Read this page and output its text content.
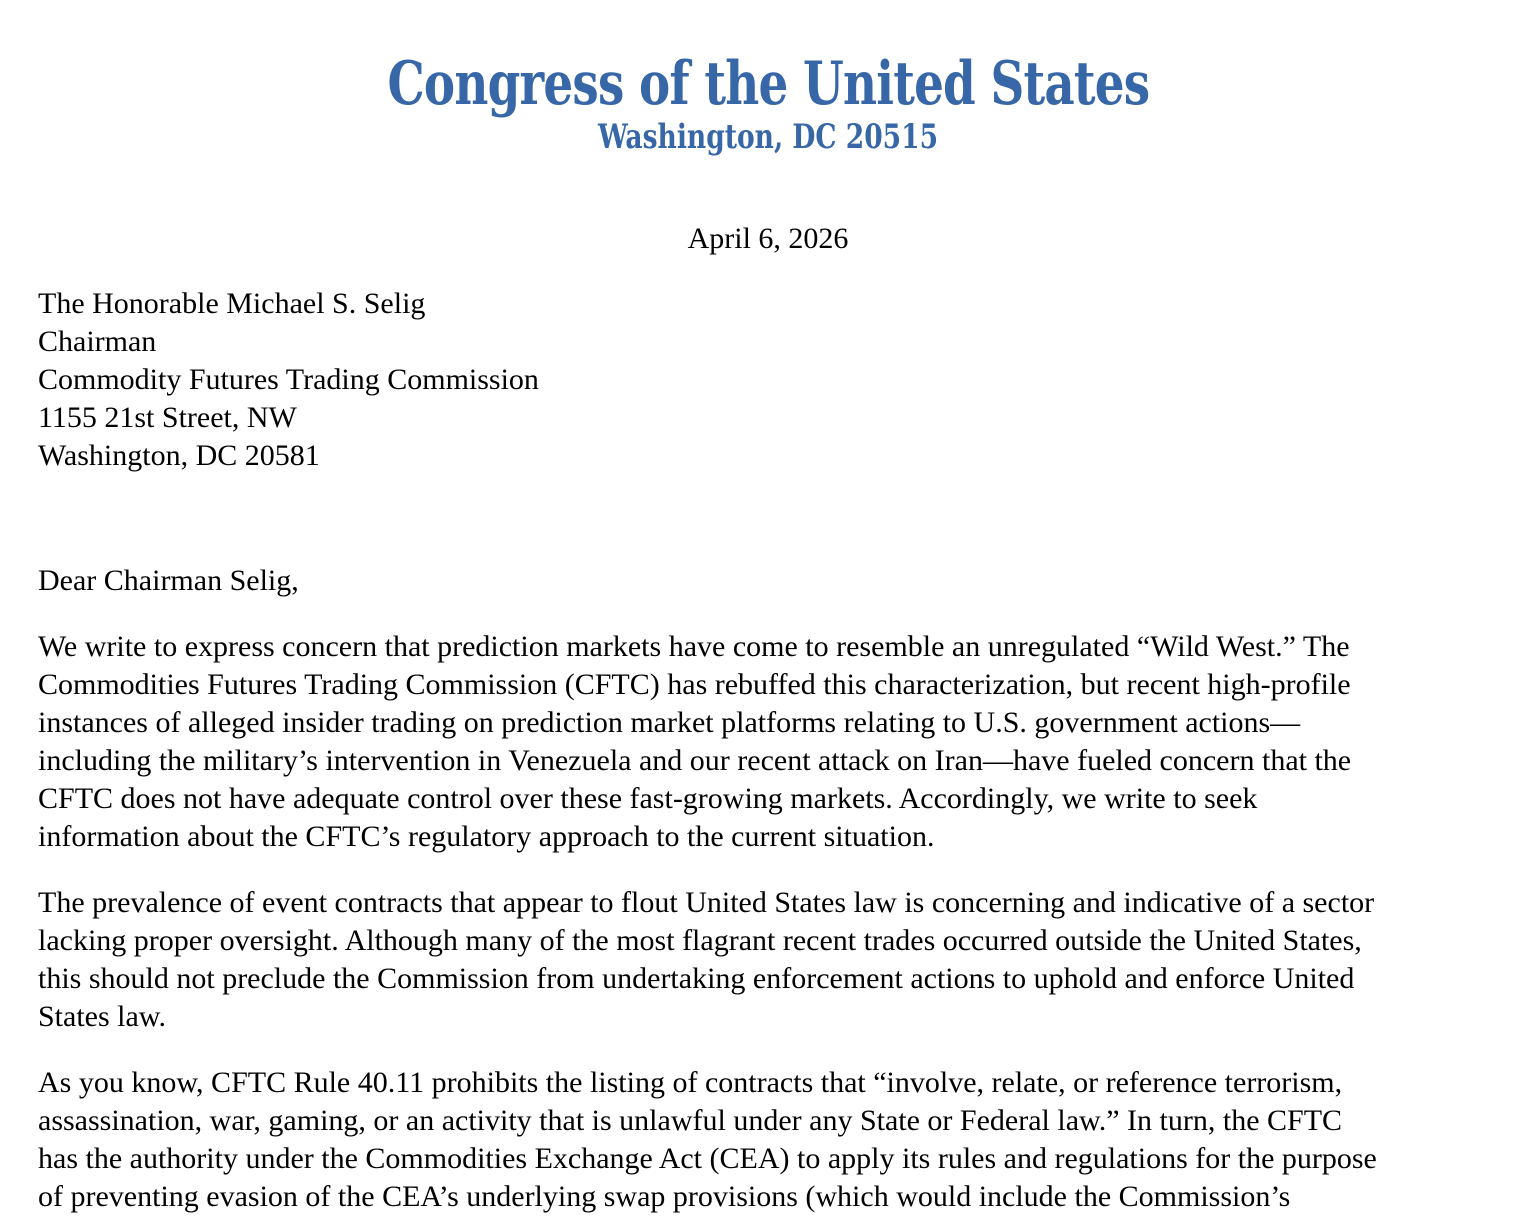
Congress of the United States
Washington, DC 20515
April 6, 2026
The Honorable Michael S. Selig
Chairman
Commodity Futures Trading Commission
1155 21st Street, NW
Washington, DC 20581
Dear Chairman Selig,
We write to express concern that prediction markets have come to resemble an unregulated “Wild West.” The
Commodities Futures Trading Commission (CFTC) has rebuffed this characterization, but recent high-profile
instances of alleged insider trading on prediction market platforms relating to U.S. government actions—
including the military’s intervention in Venezuela and our recent attack on Iran—have fueled concern that the
CFTC does not have adequate control over these fast-growing markets. Accordingly, we write to seek
information about the CFTC’s regulatory approach to the current situation.
The prevalence of event contracts that appear to flout United States law is concerning and indicative of a sector
lacking proper oversight. Although many of the most flagrant recent trades occurred outside the United States,
this should not preclude the Commission from undertaking enforcement actions to uphold and enforce United
States law.
As you know, CFTC Rule 40.11 prohibits the listing of contracts that “involve, relate, or reference terrorism,
assassination, war, gaming, or an activity that is unlawful under any State or Federal law.” In turn, the CFTC
has the authority under the Commodities Exchange Act (CEA) to apply its rules and regulations for the purpose
of preventing evasion of the CEA’s underlying swap provisions (which would include the Commission’s
